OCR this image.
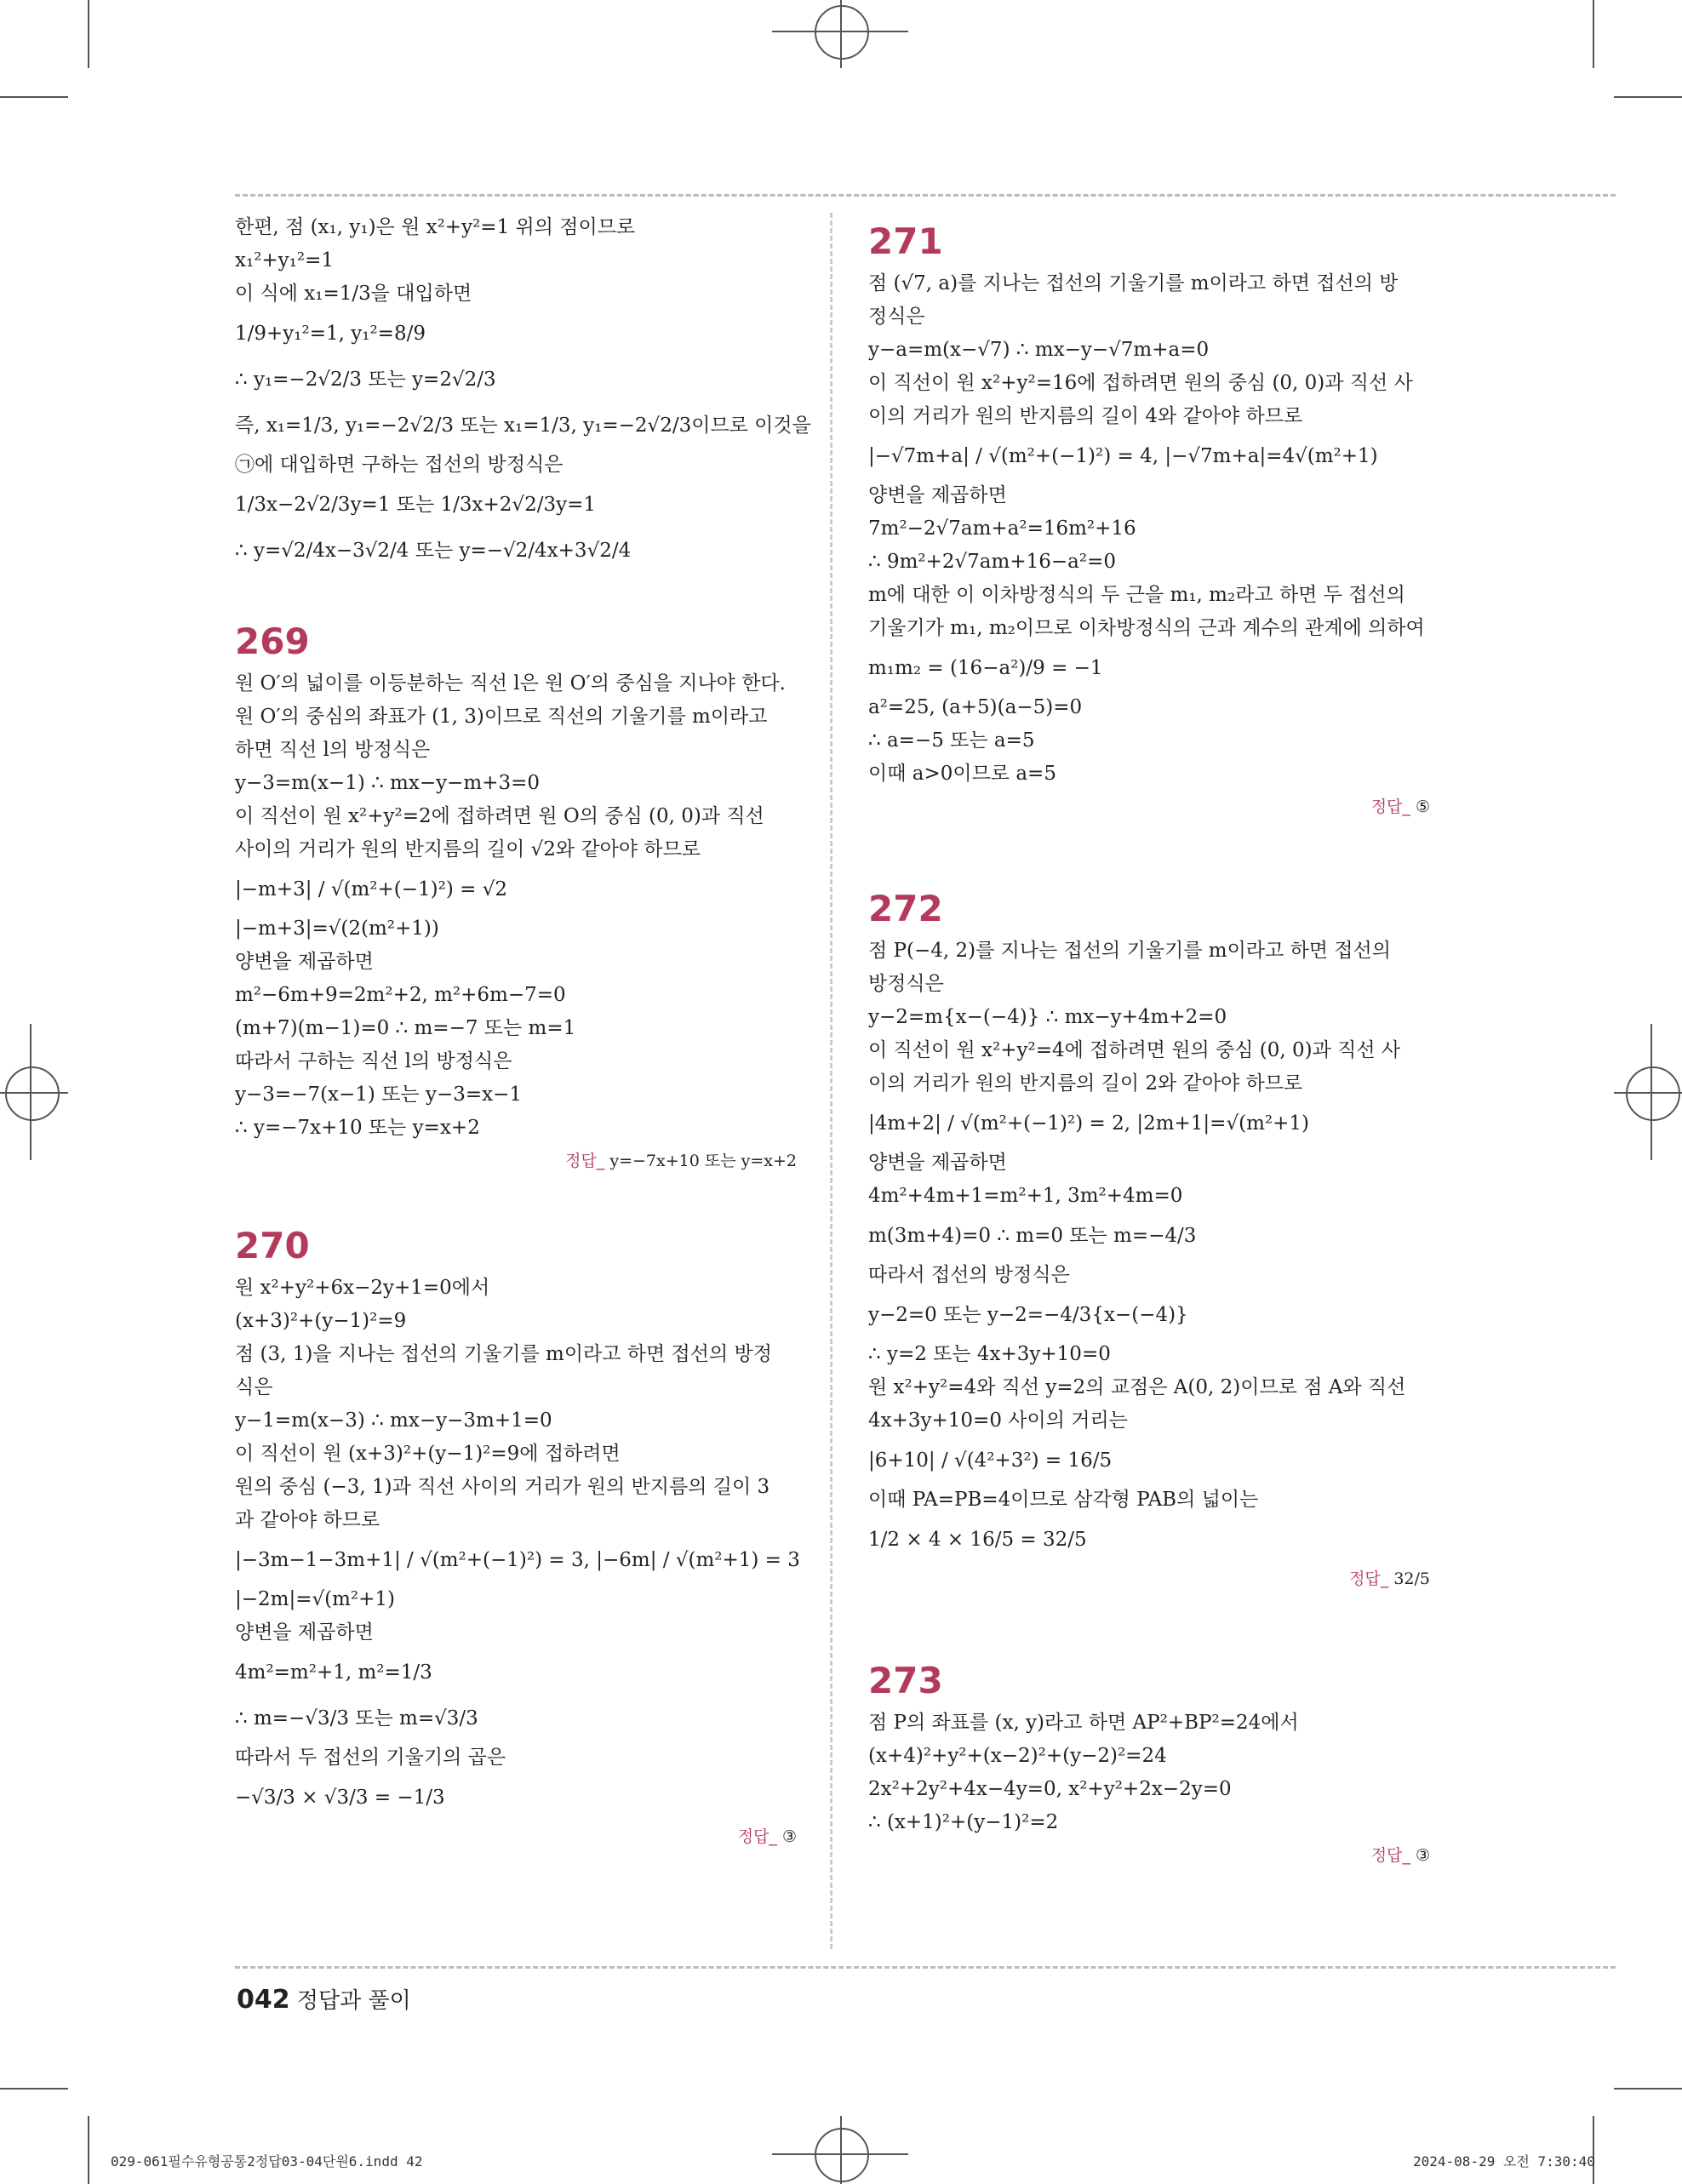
한편, 점 (x₁, y₁)은 원 x²+y²=1 위의 점이므로
x₁²+y₁²=1
이 식에 x₁=1/3을 대입하면
1/9+y₁²=1, y₁²=8/9
∴ y₁=−2√2/3 또는 y=2√2/3
즉, x₁=1/3, y₁=−2√2/3 또는 x₁=1/3, y₁=−2√2/3이므로 이것을
㉠에 대입하면 구하는 접선의 방정식은
1/3x−2√2/3y=1 또는 1/3x+2√2/3y=1
∴ y=√2/4x−3√2/4 또는 y=−√2/4x+3√2/4
269
원 O′의 넓이를 이등분하는 직선 l은 원 O′의 중심을 지나야 한다.
원 O′의 중심의 좌표가 (1, 3)이므로 직선의 기울기를 m이라고
하면 직선 l의 방정식은
y−3=m(x−1) ∴ mx−y−m+3=0
이 직선이 원 x²+y²=2에 접하려면 원 O의 중심 (0, 0)과 직선
사이의 거리가 원의 반지름의 길이 √2와 같아야 하므로
|−m+3| / √(m²+(−1)²) = √2
|−m+3|=√(2(m²+1))
양변을 제곱하면
m²−6m+9=2m²+2, m²+6m−7=0
(m+7)(m−1)=0 ∴ m=−7 또는 m=1
따라서 구하는 직선 l의 방정식은
y−3=−7(x−1) 또는 y−3=x−1
∴ y=−7x+10 또는 y=x+2
정답_ y=−7x+10 또는 y=x+2
270
원 x²+y²+6x−2y+1=0에서
(x+3)²+(y−1)²=9
점 (3, 1)을 지나는 접선의 기울기를 m이라고 하면 접선의 방정
식은
y−1=m(x−3) ∴ mx−y−3m+1=0
이 직선이 원 (x+3)²+(y−1)²=9에 접하려면
원의 중심 (−3, 1)과 직선 사이의 거리가 원의 반지름의 길이 3
과 같아야 하므로
|−3m−1−3m+1| / √(m²+(−1)²) = 3, |−6m| / √(m²+1) = 3
|−2m|=√(m²+1)
양변을 제곱하면
4m²=m²+1, m²=1/3
∴ m=−√3/3 또는 m=√3/3
따라서 두 접선의 기울기의 곱은
−√3/3 × √3/3 = −1/3
정답_ ③
271
점 (√7, a)를 지나는 접선의 기울기를 m이라고 하면 접선의 방
정식은
y−a=m(x−√7) ∴ mx−y−√7m+a=0
이 직선이 원 x²+y²=16에 접하려면 원의 중심 (0, 0)과 직선 사
이의 거리가 원의 반지름의 길이 4와 같아야 하므로
|−√7m+a| / √(m²+(−1)²) = 4, |−√7m+a|=4√(m²+1)
양변을 제곱하면
7m²−2√7am+a²=16m²+16
∴ 9m²+2√7am+16−a²=0
m에 대한 이 이차방정식의 두 근을 m₁, m₂라고 하면 두 접선의
기울기가 m₁, m₂이므로 이차방정식의 근과 계수의 관계에 의하여
m₁m₂ = (16−a²)/9 = −1
a²=25, (a+5)(a−5)=0
∴ a=−5 또는 a=5
이때 a>0이므로 a=5
정답_ ⑤
272
점 P(−4, 2)를 지나는 접선의 기울기를 m이라고 하면 접선의
방정식은
y−2=m{x−(−4)} ∴ mx−y+4m+2=0
이 직선이 원 x²+y²=4에 접하려면 원의 중심 (0, 0)과 직선 사
이의 거리가 원의 반지름의 길이 2와 같아야 하므로
|4m+2| / √(m²+(−1)²) = 2, |2m+1|=√(m²+1)
양변을 제곱하면
4m²+4m+1=m²+1, 3m²+4m=0
m(3m+4)=0 ∴ m=0 또는 m=−4/3
따라서 접선의 방정식은
y−2=0 또는 y−2=−4/3{x−(−4)}
∴ y=2 또는 4x+3y+10=0
원 x²+y²=4와 직선 y=2의 교점은 A(0, 2)이므로 점 A와 직선
4x+3y+10=0 사이의 거리는
|6+10| / √(4²+3²) = 16/5
이때 PA=PB=4이므로 삼각형 PAB의 넓이는
1/2 × 4 × 16/5 = 32/5
정답_ 32/5
273
점 P의 좌표를 (x, y)라고 하면 AP²+BP²=24에서
(x+4)²+y²+(x−2)²+(y−2)²=24
2x²+2y²+4x−4y=0, x²+y²+2x−2y=0
∴ (x+1)²+(y−1)²=2
정답_ ③
042 정답과 풀이
029-061필수유형공통2정답03-04단원6.indd 42	2024-08-29 오전 7:30:40
